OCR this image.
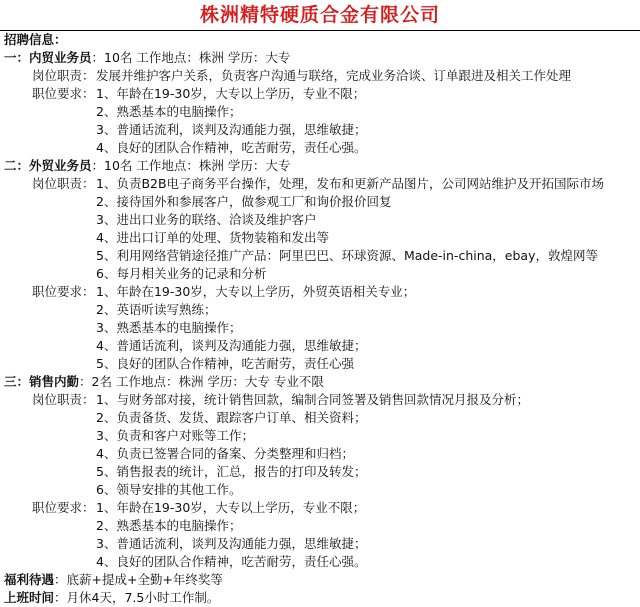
株洲精特硬质合金有限公司
招聘信息：
一：内贸业务员：10名 工作地点：株洲 学历：大专
岗位职责： 发展并维护客户关系，负责客户沟通与联络，完成业务洽谈、订单跟进及相关工作处理
职位要求： 1、年龄在19-30岁，大专以上学历，专业不限；
2、熟悉基本的电脑操作；
3、普通话流利，谈判及沟通能力强，思维敏捷；
4、良好的团队合作精神，吃苦耐劳，责任心强。
二：外贸业务员：10名 工作地点：株洲 学历：大专
岗位职责： 1、负责B2B电子商务平台操作，处理，发布和更新产品图片，公司网站维护及开拓国际市场
2、接待国外和参展客户，做参观工厂和询价报价回复
3、进出口业务的联络、洽谈及维护客户
4、进出口订单的处理、货物装箱和发出等
5、利用网络营销途径推广产品：阿里巴巴、环球资源、Made-in-china，ebay，敦煌网等
6、每月相关业务的记录和分析
职位要求： 1、年龄在19-30岁，大专以上学历，外贸英语相关专业；
2、英语听读写熟练；
3、熟悉基本的电脑操作；
4、普通话流利，谈判及沟通能力强，思维敏捷；
5、良好的团队合作精神，吃苦耐劳，责任心强
三：销售内勤：2名 工作地点：株洲 学历：大专 专业不限
岗位职责： 1、与财务部对接，统计销售回款，编制合同签署及销售回款情况月报及分析；
2、负责备货、发货、跟踪客户订单、相关资料；
3、负责和客户对账等工作；
4、负责已签署合同的备案、分类整理和归档；
5、销售报表的统计，汇总，报告的打印及转发；
6、领导安排的其他工作。
职位要求： 1、年龄在19-30岁，大专以上学历，专业不限；
2、熟悉基本的电脑操作；
3、普通话流利，谈判及沟通能力强，思维敏捷；
4、良好的团队合作精神，吃苦耐劳，责任心强。
福利待遇：底薪+提成+全勤+年终奖等
上班时间：月休4天，7.5小时工作制。
